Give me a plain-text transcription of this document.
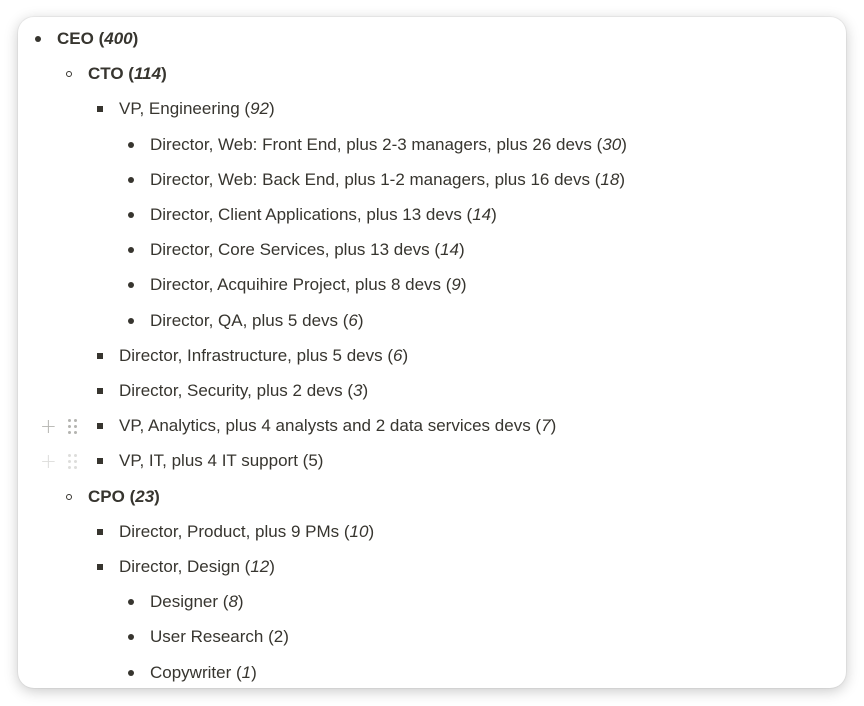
CEO (400)
CTO (114)
VP, Engineering (92)
Director, Web: Front End, plus 2-3 managers, plus 26 devs (30)
Director, Web: Back End, plus 1-2 managers, plus 16 devs (18)
Director, Client Applications, plus 13 devs (14)
Director, Core Services, plus 13 devs (14)
Director, Acquihire Project, plus 8 devs (9)
Director, QA, plus 5 devs (6)
Director, Infrastructure, plus 5 devs (6)
Director, Security, plus 2 devs (3)
+	VP, Analytics, plus 4 analysts and 2 data services devs (7)
+	VP, IT, plus 4 IT support (5)
CPO (23)
Director, Product, plus 9 PMs (10)
Director, Design (12)
Designer (8)
User Research (2)
Copywriter (1)
